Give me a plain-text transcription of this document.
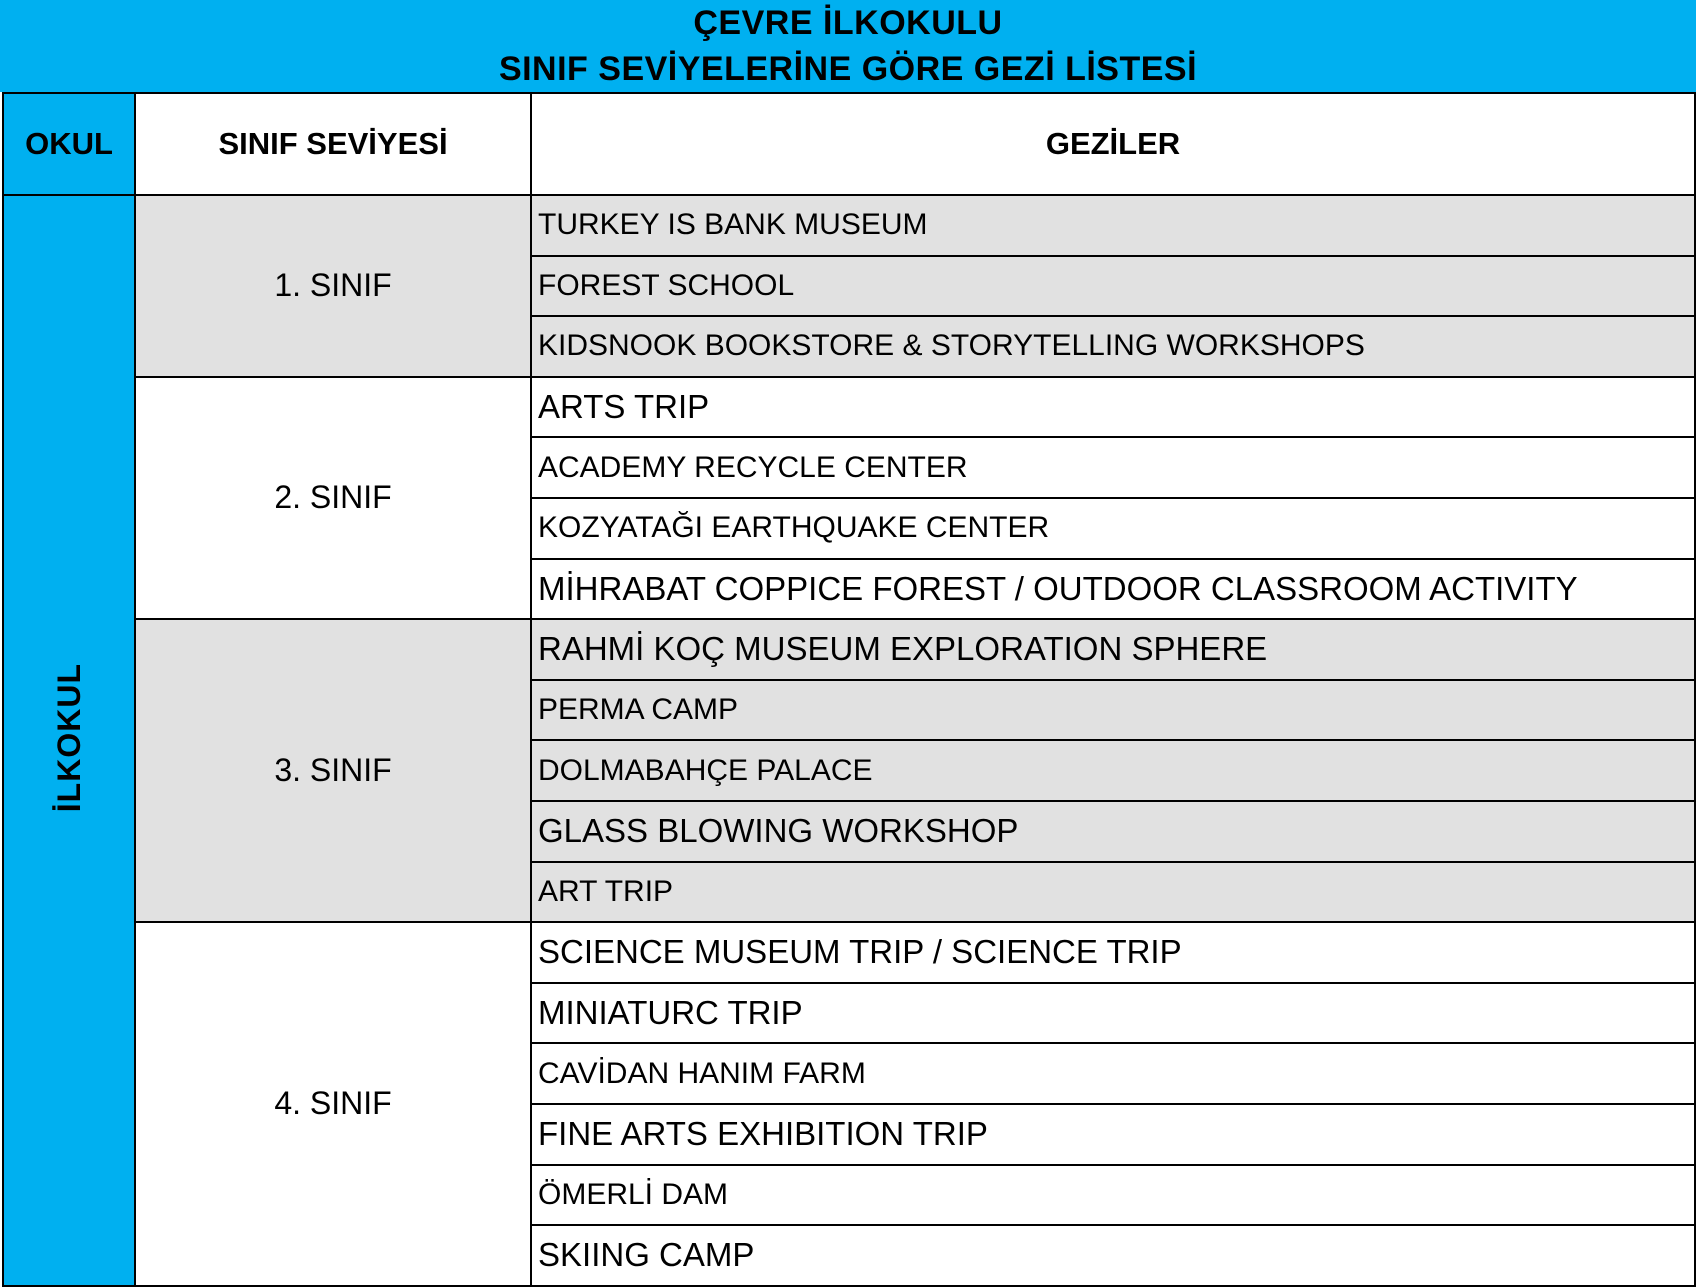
ÇEVRE İLKOKULU
SINIF SEVİYELERİNE GÖRE GEZİ LİSTESİ
OKUL	SINIF SEVİYESİ	GEZİLER
İLKOKUL	1. SINIF	TURKEY IS BANK MUSEUM
		FOREST SCHOOL
		KIDSNOOK BOOKSTORE & STORYTELLING WORKSHOPS
	2. SINIF	ARTS TRIP
		ACADEMY RECYCLE CENTER
		KOZYATAĞI EARTHQUAKE CENTER
		MİHRABAT COPPICE FOREST / OUTDOOR CLASSROOM ACTIVITY
	3. SINIF	RAHMİ KOÇ MUSEUM EXPLORATION SPHERE
		PERMA CAMP
		DOLMABAHÇE PALACE
		GLASS BLOWING WORKSHOP
		ART TRIP
	4. SINIF	SCIENCE MUSEUM TRIP / SCIENCE TRIP
		MINIATURC TRIP
		CAVİDAN HANIM FARM
		FINE ARTS EXHIBITION TRIP
		ÖMERLİ DAM
		SKIING CAMP
